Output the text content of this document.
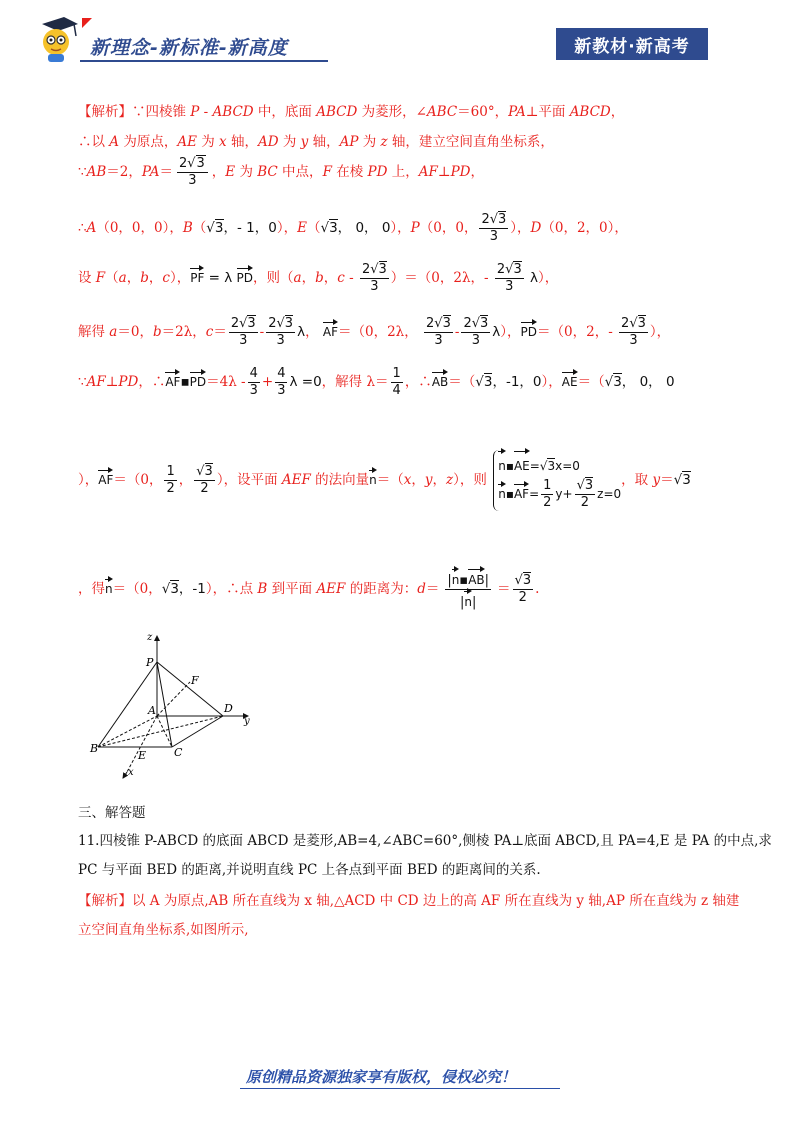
新理念-新标准-新高度	新教材·新高考
【解析】∵四棱锥 P - ABCD 中，底面 ABCD 为菱形，∠ABC＝60°，PA⊥平面 ABCD，
∴以 A 为原点，AE 为 x 轴，AD 为 y 轴，AP 为 z 轴，建立空间直角坐标系，
∵AB＝2，$PA= \frac{2√3}{3}$ ，E 为 BC 中点，F 在棱 PD 上，AF⊥PD，
∴A（0，0，0），B（√3，- 1，0），E（√3， 0， 0），P（0，0， $\frac{2√3}{3}$ ），D（0，2，0），
设 F（a，b，c），PF = λ PD，则（a，b，$c - \frac{2√3}{3} )=(0$，2λ，- $\frac{2√3}{3} \lambda$），
解得 a＝0，b＝2λ，$c= \frac{2√3}{3} - \frac{2√3}{3}$ λ， AF＝（0，2λ， $\frac{2√3}{3} - \frac{2√3}{3} \lambda$），PD＝（0，2，- $\frac{2√3}{3}$ ），
∵AF⊥PD，∴AF▪PD＝4λ - $\frac{4}{3} + \frac{4}{3}$ λ =0，解得 $\lambda= \frac{1}{4}$ ，∴AB＝（√3，-1，0），AE＝（√3， 0， 0
），AF＝（0， $\frac{1}{2}$ ， $\frac{√3}{2}$ ），设平面 AEF 的法向量n＝（x，y，z），则
n▪AE=√3x=0
n▪AF= $\frac{1}{2} y+ \frac{√3}{2} z=0$
，取 y＝√3
，得n＝（0，√3，-1），∴点 B 到平面 AEF 的距离为：$d= \frac{|n▪AB|}{|n|} = \frac{√3}{2}$ .
z
P
F
A	D
y
B
E	C
x
三、解答题
11.四棱锥 P-ABCD 的底面 ABCD 是菱形,AB=4,∠ABC=60°,侧棱 PA⊥底面 ABCD,且 PA=4,E 是 PA 的中点,求
PC 与平面 BED 的距离,并说明直线 PC 上各点到平面 BED 的距离间的关系.
【解析】以 A 为原点,AB 所在直线为 x 轴,△ACD 中 CD 边上的高 AF 所在直线为 y 轴,AP 所在直线为 z 轴建
立空间直角坐标系,如图所示,
原创精品资源独家享有版权，侵权必究！
